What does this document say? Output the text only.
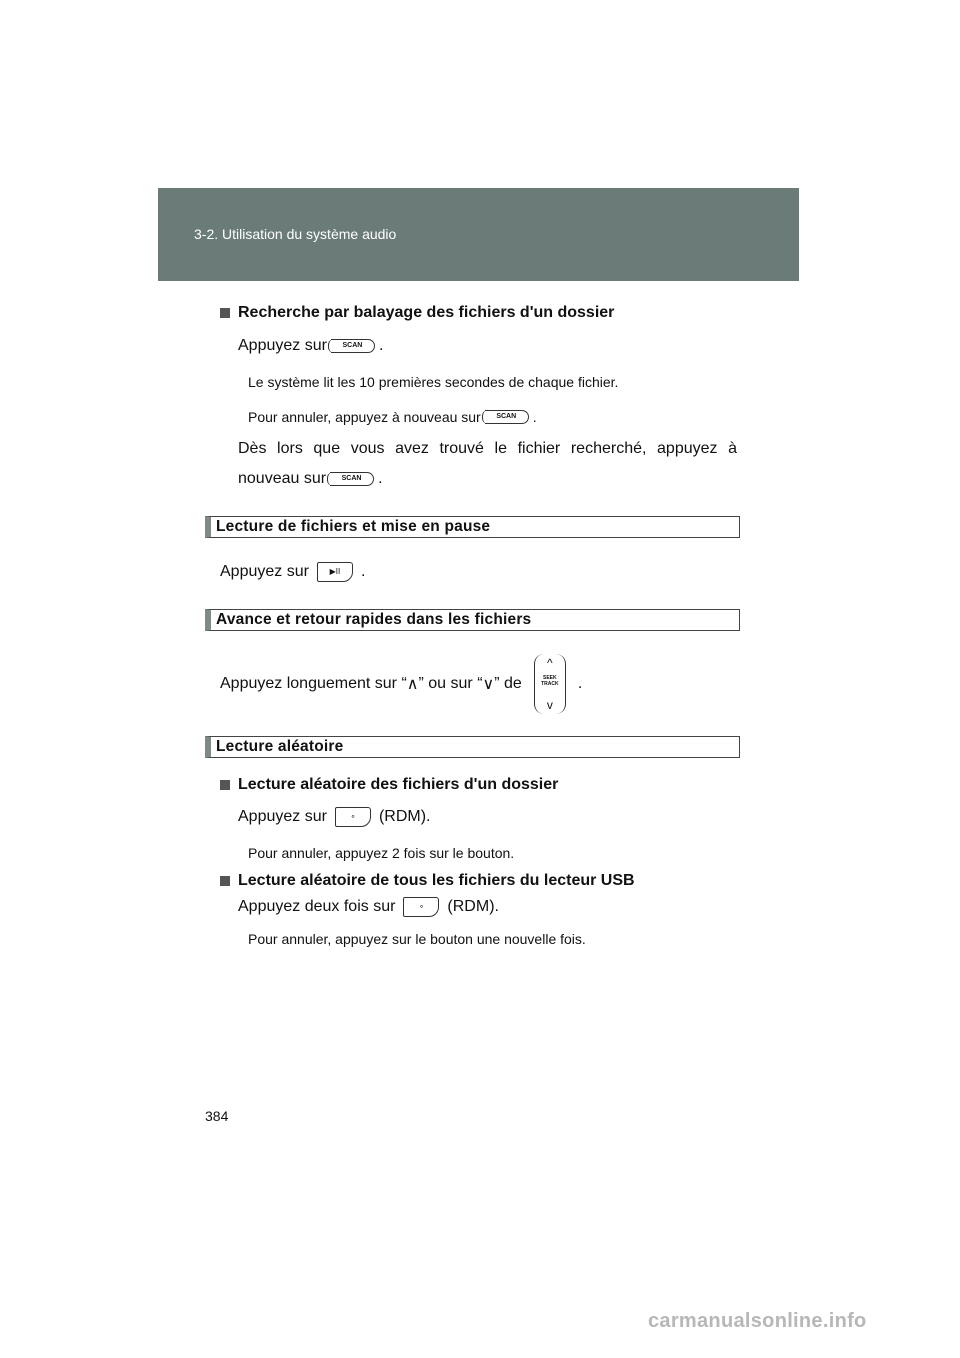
3-2. Utilisation du système audio
Recherche par balayage des fichiers d'un dossier
Appuyez sur	SCAN	.
Le système lit les 10 premières secondes de chaque fichier.
Pour annuler, appuyez à nouveau sur	SCAN	.
Dès lors que vous avez trouvé le fichier recherché, appuyez à
nouveau sur	SCAN	.
Lecture de fichiers et mise en pause
Appuyez sur	▶II	.
Avance et retour rapides dans les fichiers
Appuyez longuement sur “ ∧ ” ou sur “ ∨ ” de
^
SEEK
TRACK
v
.
Lecture aléatoire
Lecture aléatoire des fichiers d'un dossier
Appuyez sur	∘	(RDM).
Pour annuler, appuyez 2 fois sur le bouton.
Lecture aléatoire de tous les fichiers du lecteur USB
Appuyez deux fois sur	∘	(RDM).
Pour annuler, appuyez sur le bouton une nouvelle fois.
384
carmanualsonline.info
